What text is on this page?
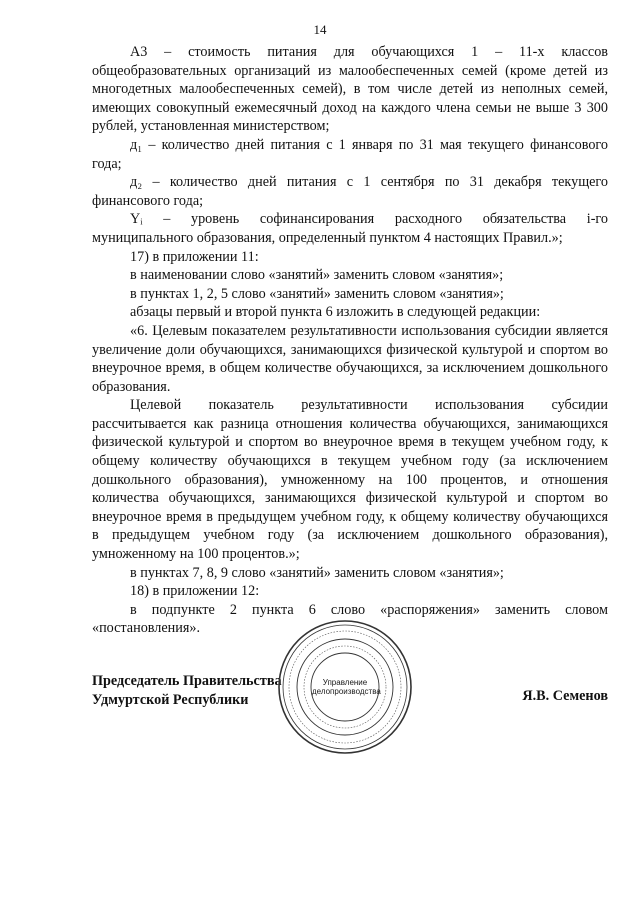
14

А3 – стоимость питания для обучающихся 1 – 11-х классов общеобразовательных организаций из малообеспеченных семей (кроме детей из многодетных малообеспеченных семей), в том числе детей из неполных семей, имеющих совокупный ежемесячный доход на каждого члена семьи не выше 3 300 рублей, установленная министерством;

д₁ – количество дней питания с 1 января по 31 мая текущего финансового года;

д₂ – количество дней питания с 1 сентября по 31 декабря текущего финансового года;

Yᵢ – уровень софинансирования расходного обязательства i-го муниципального образования, определенный пунктом 4 настоящих Правил.»;

17) в приложении 11:

в наименовании слово «занятий» заменить словом «занятия»;

в пунктах 1, 2, 5 слово «занятий» заменить словом «занятия»;

абзацы первый и второй пункта 6 изложить в следующей редакции:

«6. Целевым показателем результативности использования субсидии является увеличение доли обучающихся, занимающихся физической культурой и спортом во внеурочное время, в общем количестве обучающихся, за исключением дошкольного образования.

Целевой показатель результативности использования субсидии рассчитывается как разница отношения количества обучающихся, занимающихся физической культурой и спортом во внеурочное время в текущем учебном году, к общему количеству обучающихся в текущем учебном году (за исключением дошкольного образования), умноженному на 100 процентов, и отношения количества обучающихся, занимающихся физической культурой и спортом во внеурочное время в предыдущем учебном году, к общему количеству обучающихся в предыдущем учебном году (за исключением дошкольного образования), умноженному на 100 процентов.»;

в пунктах 7, 8, 9 слово «занятий» заменить словом «занятия»;

18) в приложении 12:

в подпункте 2 пункта 6 слово «распоряжения» заменить словом «постановления».

Председатель Правительства
Удмуртской Республики	Я.В. Семенов
Управление
делопроизводства
